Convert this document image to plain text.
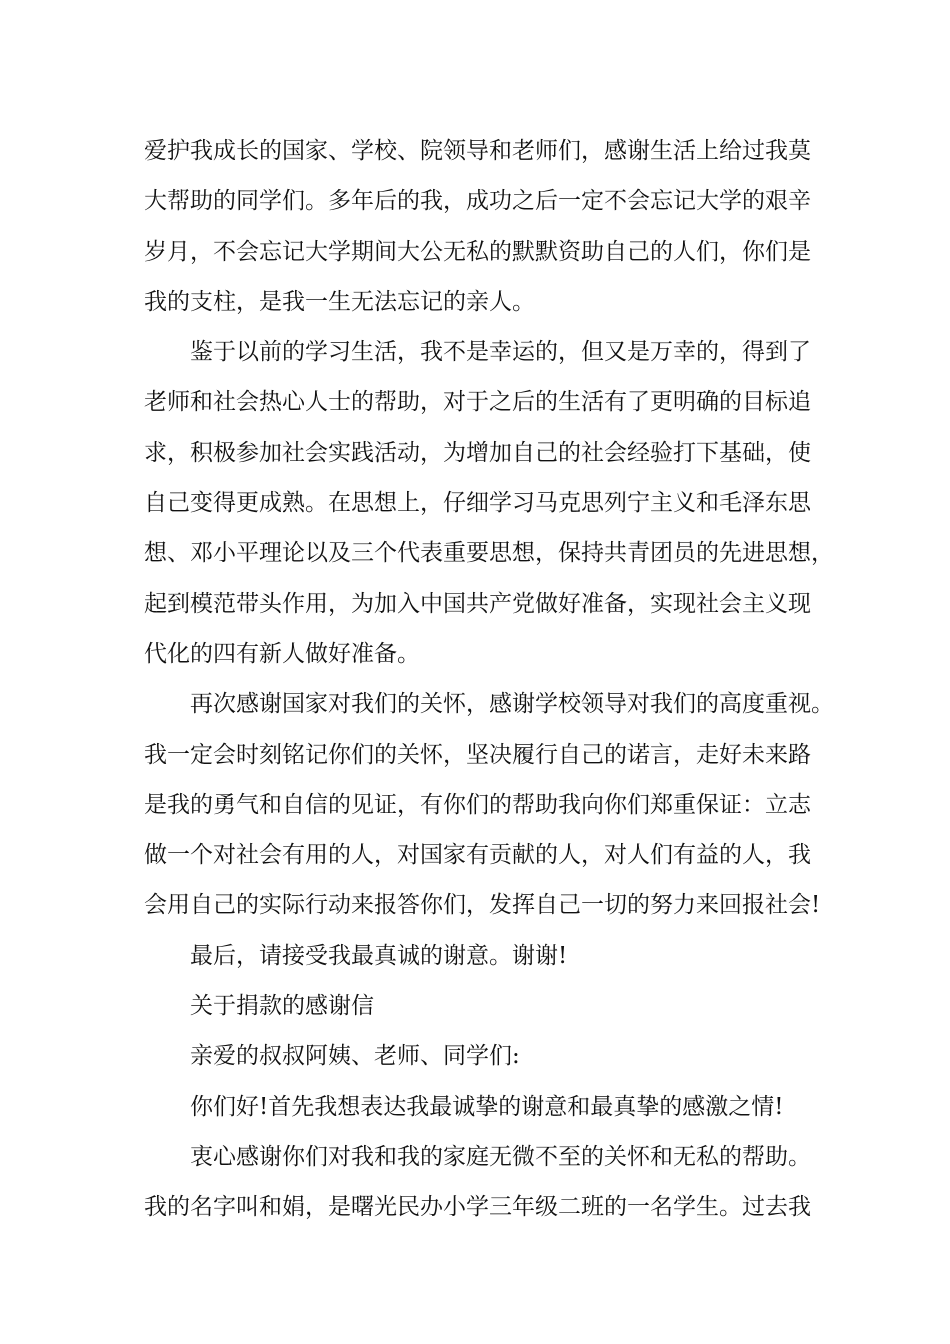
爱护我成长的国家、学校、院领导和老师们，感谢生活上给过我莫
大帮助的同学们。多年后的我，成功之后一定不会忘记大学的艰辛
岁月，不会忘记大学期间大公无私的默默资助自己的人们，你们是
我的支柱，是我一生无法忘记的亲人。
鉴于以前的学习生活，我不是幸运的，但又是万幸的，得到了
老师和社会热心人士的帮助，对于之后的生活有了更明确的目标追
求，积极参加社会实践活动，为增加自己的社会经验打下基础，使
自己变得更成熟。在思想上，仔细学习马克思列宁主义和毛泽东思
想、邓小平理论以及三个代表重要思想，保持共青团员的先进思想，
起到模范带头作用，为加入中国共产党做好准备，实现社会主义现
代化的四有新人做好准备。
再次感谢国家对我们的关怀，感谢学校领导对我们的高度重视。
我一定会时刻铭记你们的关怀，坚决履行自己的诺言，走好未来路
是我的勇气和自信的见证，有你们的帮助我向你们郑重保证：立志
做一个对社会有用的人，对国家有贡献的人，对人们有益的人，我
会用自己的实际行动来报答你们，发挥自己一切的努力来回报社会!
最后，请接受我最真诚的谢意。谢谢!
关于捐款的感谢信
亲爱的叔叔阿姨、老师、同学们:
你们好!首先我想表达我最诚挚的谢意和最真挚的感激之情!
衷心感谢你们对我和我的家庭无微不至的关怀和无私的帮助。
我的名字叫和娟，是曙光民办小学三年级二班的一名学生。过去我
